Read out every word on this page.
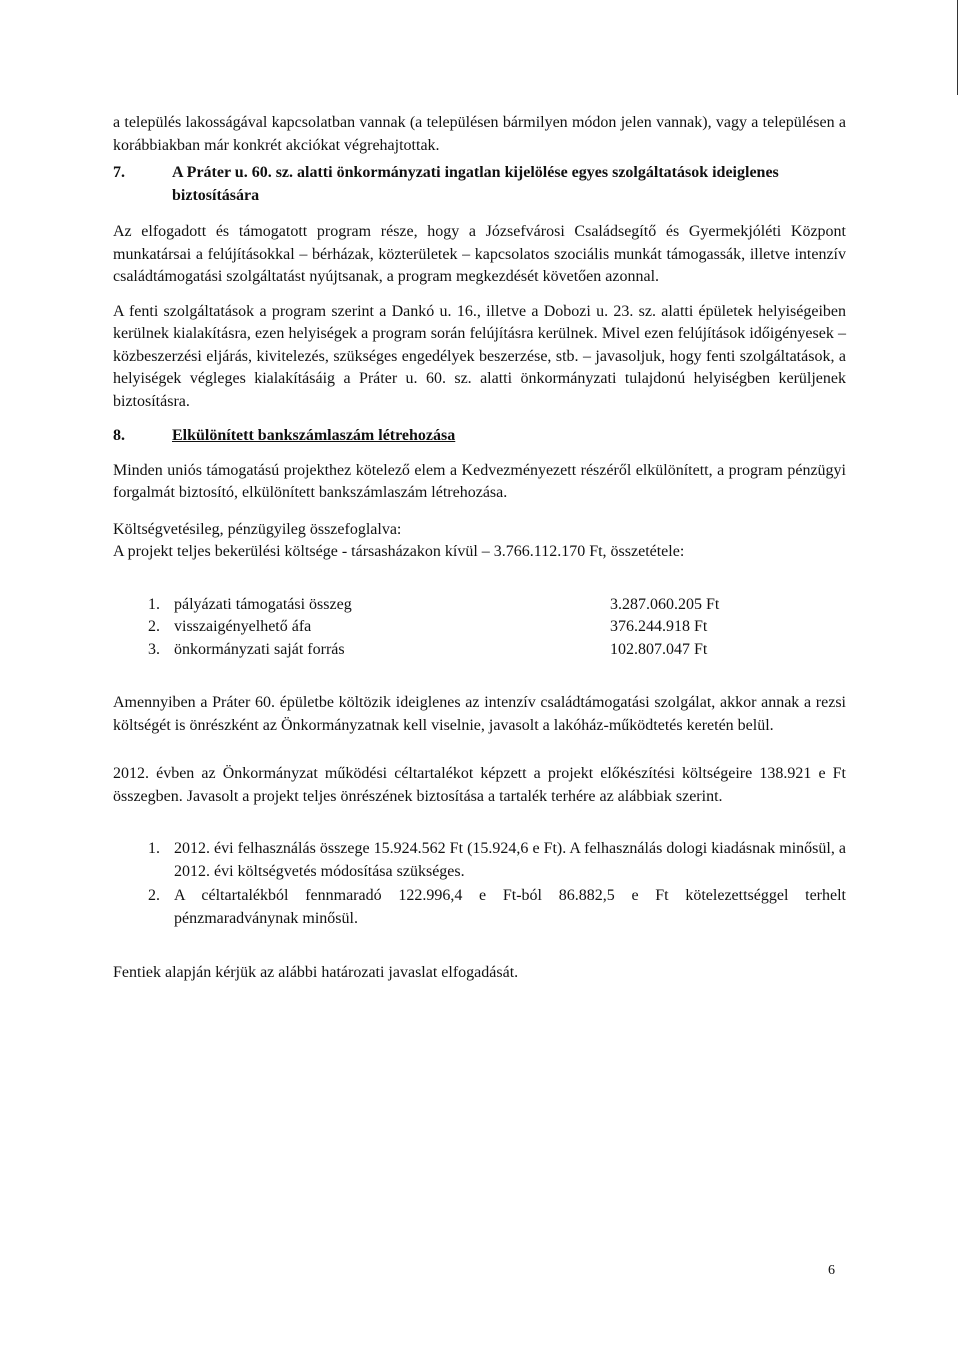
a település lakosságával kapcsolatban vannak (a településen bármilyen módon jelen vannak), vagy a településen a korábbiakban már konkrét akciókat végrehajtottak.

7.	A Práter u. 60. sz. alatti önkormányzati ingatlan kijelölése egyes szolgáltatások ideiglenes biztosítására

Az elfogadott és támogatott program része, hogy a Józsefvárosi Családsegítő és Gyermekjóléti Központ munkatársai a felújításokkal – bérházak, közterületek – kapcsolatos szociális munkát támogassák, illetve intenzív családtámogatási szolgáltatást nyújtsanak, a program megkezdését követően azonnal.

A fenti szolgáltatások a program szerint a Dankó u. 16., illetve a Dobozi u. 23. sz. alatti épületek helyiségeiben kerülnek kialakításra, ezen helyiségek a program során felújításra kerülnek. Mivel ezen felújítások időigényesek – közbeszerzési eljárás, kivitelezés, szükséges engedélyek beszerzése, stb. – javasoljuk, hogy fenti szolgáltatások, a helyiségek végleges kialakításáig a Práter u. 60. sz. alatti önkormányzati tulajdonú helyiségben kerüljenek biztosításra.

8.	Elkülönített bankszámlaszám létrehozása

Minden uniós támogatású projekthez kötelező elem a Kedvezményezett részéről elkülönített, a program pénzügyi forgalmát biztosító, elkülönített bankszámlaszám létrehozása.

Költségvetésileg, pénzügyileg összefoglalva:

A projekt teljes bekerülési költsége - társasházakon kívül – 3.766.112.170 Ft, összetétele:

1. pályázati támogatási összeg	3.287.060.205 Ft
2. visszaigényelhető áfa	376.244.918 Ft
3. önkormányzati saját forrás	102.807.047 Ft

Amennyiben a Práter 60. épületbe költözik ideiglenes az intenzív családtámogatási szolgálat, akkor annak a rezsi költségét is önrészként az Önkormányzatnak kell viselnie, javasolt a lakóház-működtetés keretén belül.

2012. évben az Önkormányzat működési céltartalékot képzett a projekt előkészítési költségeire 138.921 e Ft összegben. Javasolt a projekt teljes önrészének biztosítása a tartalék terhére az alábbiak szerint.

1. 2012. évi felhasználás összege 15.924.562 Ft (15.924,6 e Ft). A felhasználás dologi kiadásnak minősül, a 2012. évi költségvetés módosítása szükséges.
2. A céltartalékból fennmaradó 122.996,4 e Ft-ból 86.882,5 e Ft kötelezettséggel terhelt pénzmaradványnak minősül.

Fentiek alapján kérjük az alábbi határozati javaslat elfogadását.

6
